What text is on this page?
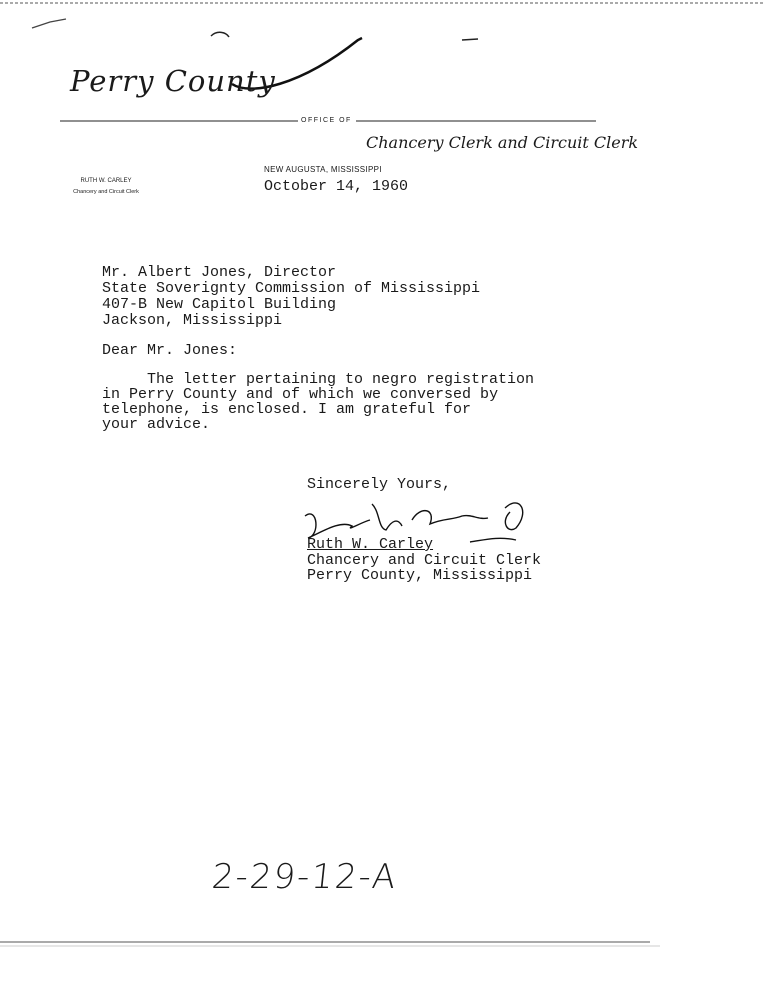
Perry County
OFFICE OF
Chancery Clerk and Circuit Clerk
NEW AUGUSTA, MISSISSIPPI
RUTH W. CARLEY
Chancery and Circuit Clerk	October 14, 1960
Mr. Albert Jones, Director
State Soverignty Commission of Mississippi
407-B New Capitol Building
Jackson, Mississippi
Dear Mr. Jones:
The letter pertaining to negro registration
in Perry County and of which we conversed by
telephone, is enclosed. I am grateful for
your advice.
Sincerely Yours,
Ruth W. Carley
Chancery and Circuit Clerk
Perry County, Mississippi
2-29-12-A
